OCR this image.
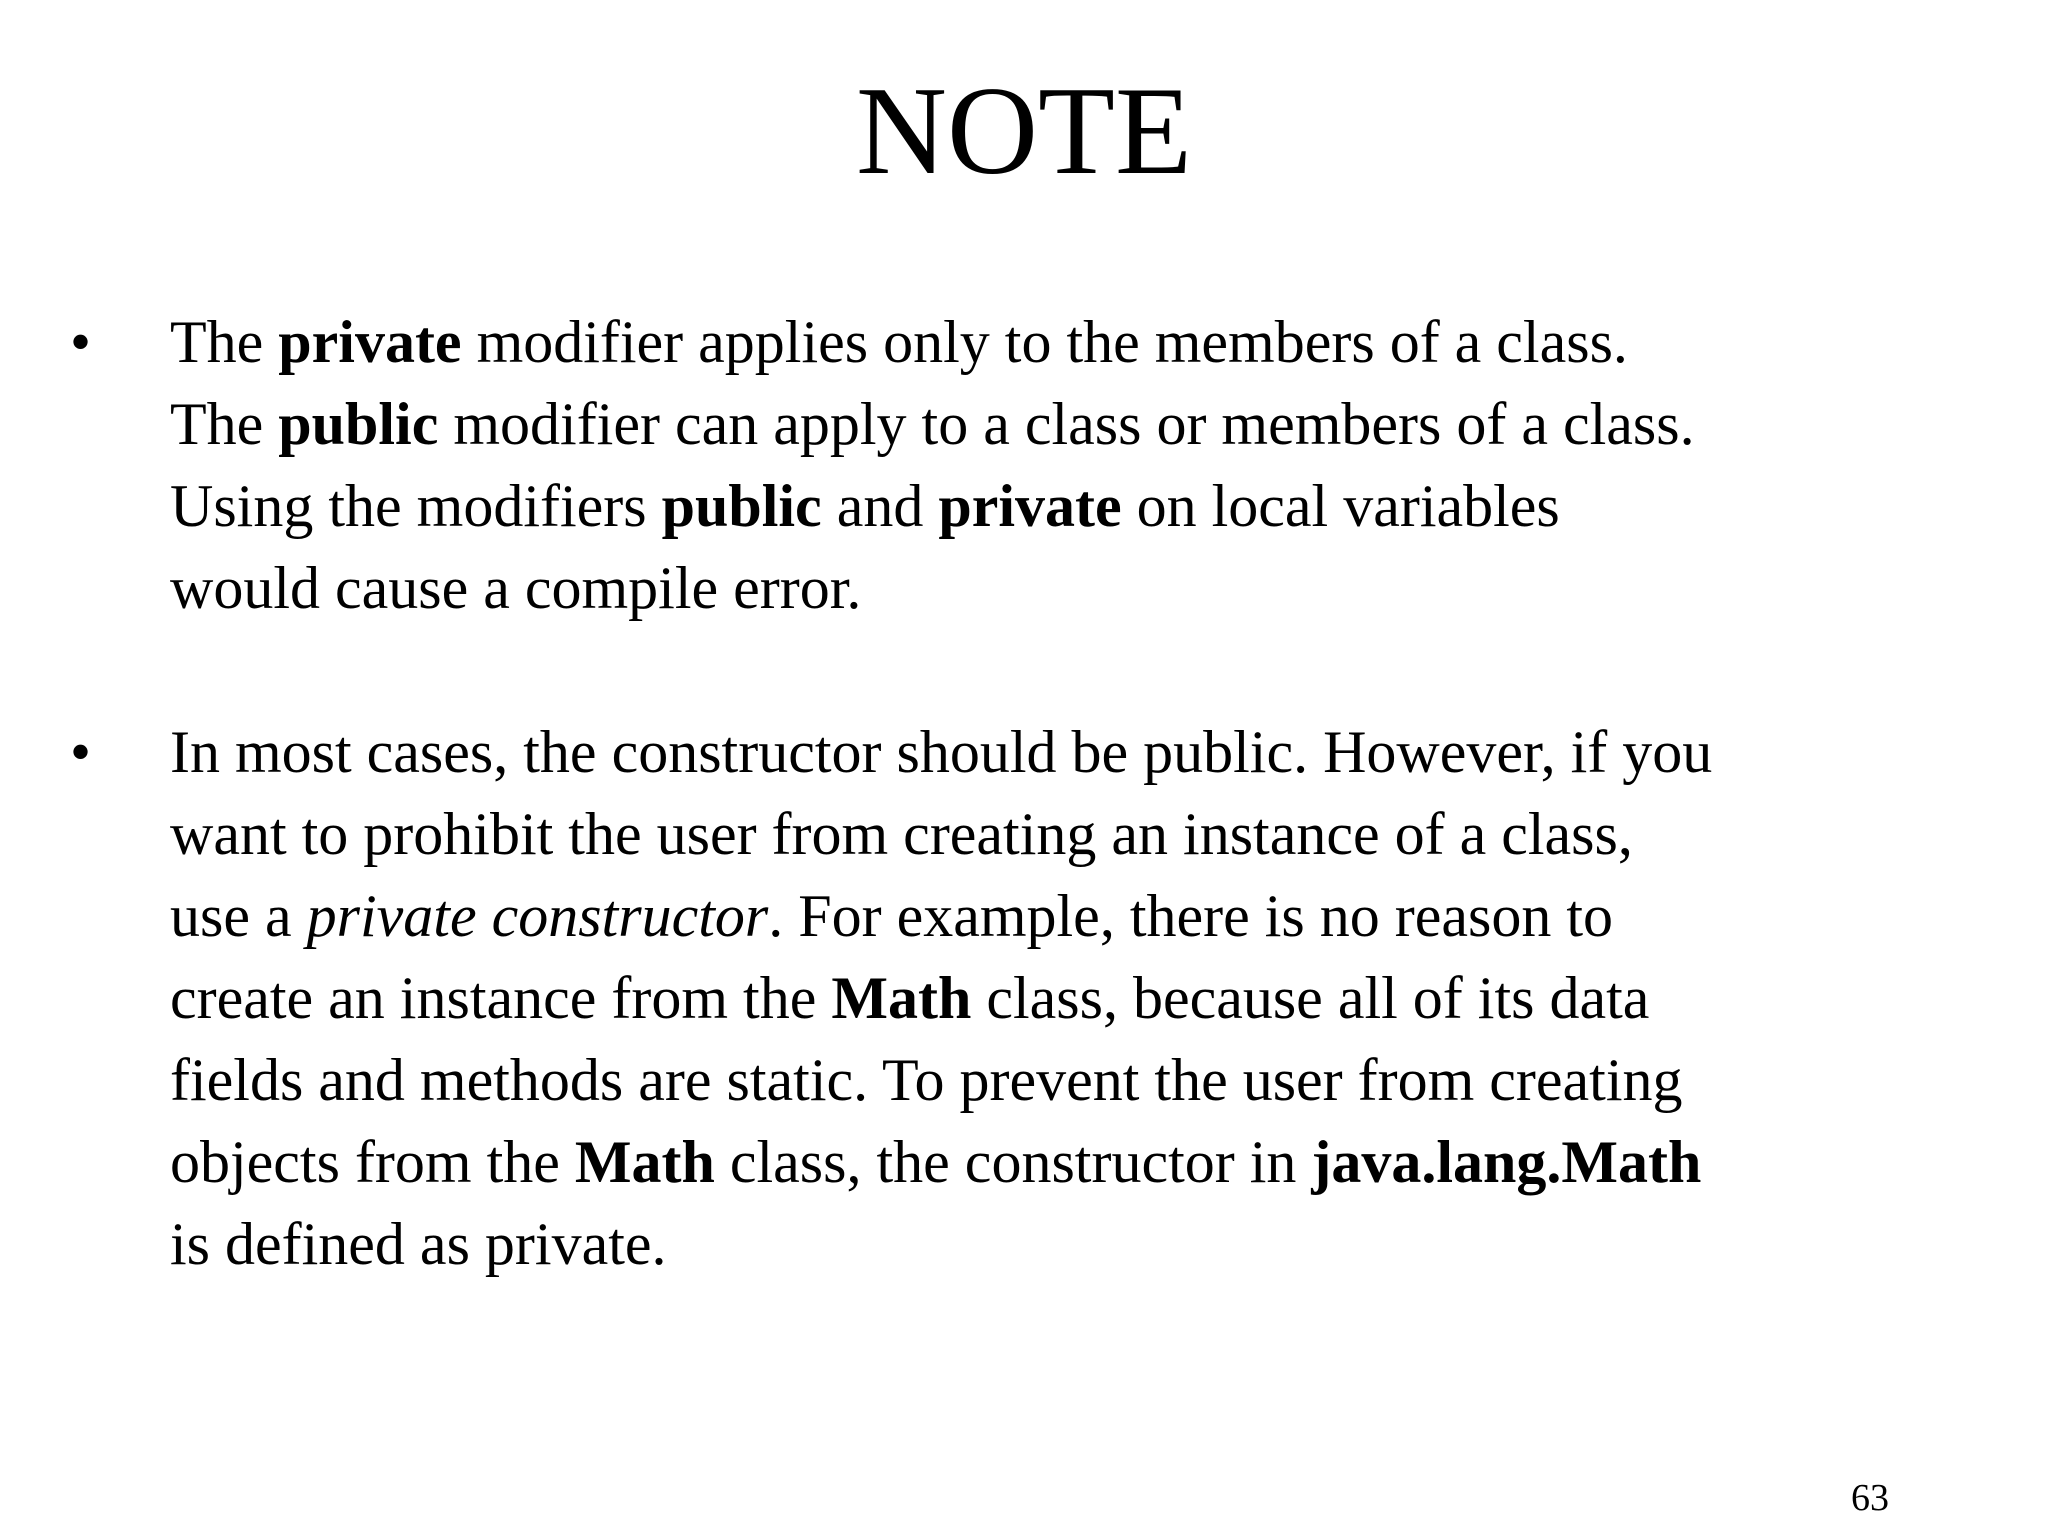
NOTE
• The private modifier applies only to the members of a class.
The public modifier can apply to a class or members of a class.
Using the modifiers public and private on local variables
would cause a compile error.
• In most cases, the constructor should be public. However, if you
want to prohibit the user from creating an instance of a class,
use a private constructor. For example, there is no reason to
create an instance from the Math class, because all of its data
fields and methods are static. To prevent the user from creating
objects from the Math class, the constructor in java.lang.Math
is defined as private.
63
